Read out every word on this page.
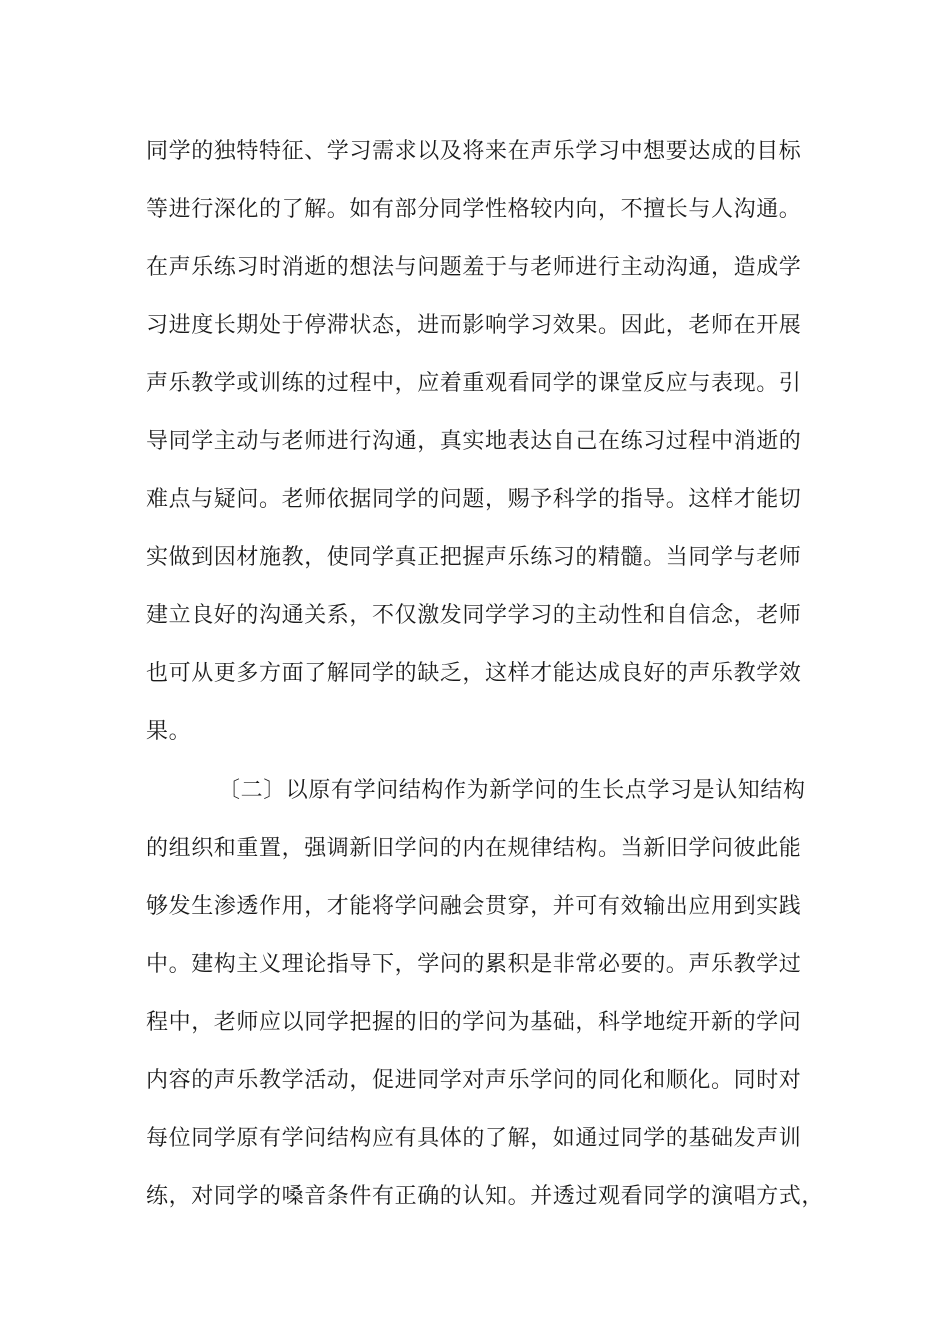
同学的独特特征、学习需求以及将来在声乐学习中想要达成的目标
等进行深化的了解。如有部分同学性格较内向，不擅长与人沟通。
在声乐练习时消逝的想法与问题羞于与老师进行主动沟通，造成学
习进度长期处于停滞状态，进而影响学习效果。因此，老师在开展
声乐教学或训练的过程中，应着重观看同学的课堂反应与表现。引
导同学主动与老师进行沟通，真实地表达自己在练习过程中消逝的
难点与疑问。老师依据同学的问题，赐予科学的指导。这样才能切
实做到因材施教，使同学真正把握声乐练习的精髓。当同学与老师
建立良好的沟通关系，不仅激发同学学习的主动性和自信念，老师
也可从更多方面了解同学的缺乏，这样才能达成良好的声乐教学效
果。
〔二〕以原有学问结构作为新学问的生长点学习是认知结构
的组织和重置，强调新旧学问的内在规律结构。当新旧学问彼此能
够发生渗透作用，才能将学问融会贯穿，并可有效输出应用到实践
中。建构主义理论指导下，学问的累积是非常必要的。声乐教学过
程中，老师应以同学把握的旧的学问为基础，科学地绽开新的学问
内容的声乐教学活动，促进同学对声乐学问的同化和顺化。同时对
每位同学原有学问结构应有具体的了解，如通过同学的基础发声训
练，对同学的嗓音条件有正确的认知。并透过观看同学的演唱方式，
